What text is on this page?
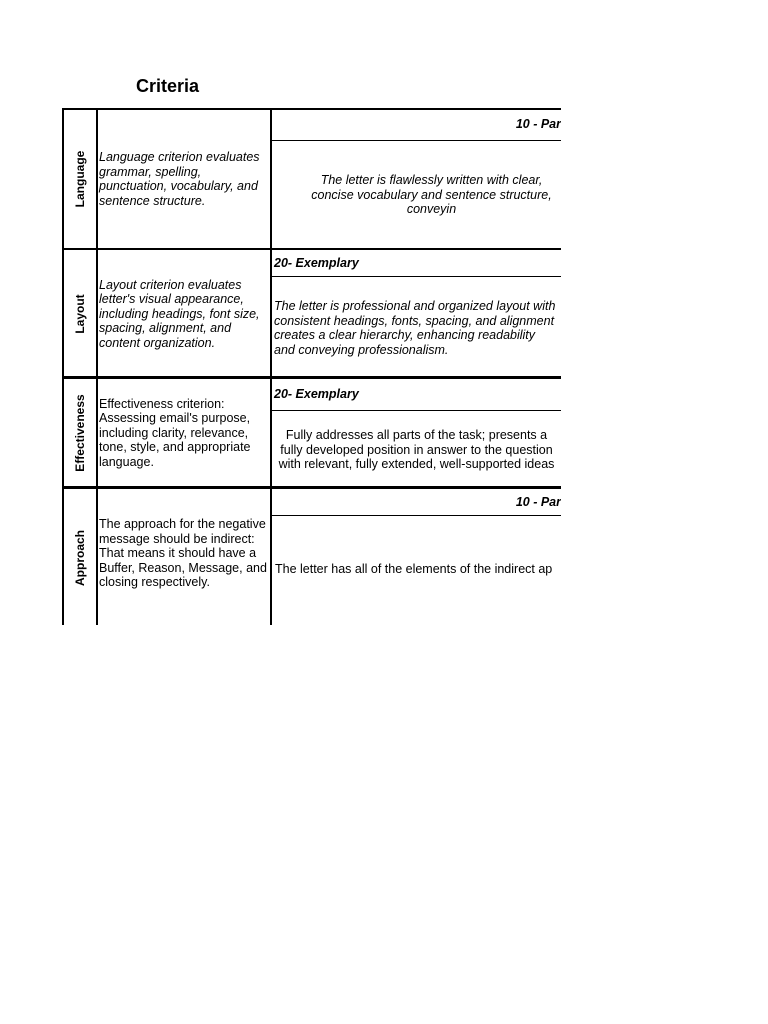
Criteria
Language Language criterion evaluates grammar, spelling, punctuation, vocabulary, and sentence structure.
10 - Par
The letter is flawlessly written with clear, concise vocabulary and sentence structure, conveyin
Layout
Layout criterion evaluates letter's visual appearance, including headings, font size, spacing, alignment, and content organization.
20- Exemplary
The letter is professional and organized layout with consistent headings, fonts, spacing, and alignment creates a clear hierarchy, enhancing readability and conveying professionalism.
Effectiveness Effectiveness criterion: Assessing email's purpose, including clarity, relevance, tone, style, and appropriate language.
20- Exemplary
Fully addresses all parts of the task; presents a fully developed position in answer to the question with relevant, fully extended, well-supported ideas
Approach
The approach for the negative message should be indirect: That means it should have a Buffer, Reason, Message, and closing respectively.
10 - Par
The letter has all of the elements of the indirect ap
